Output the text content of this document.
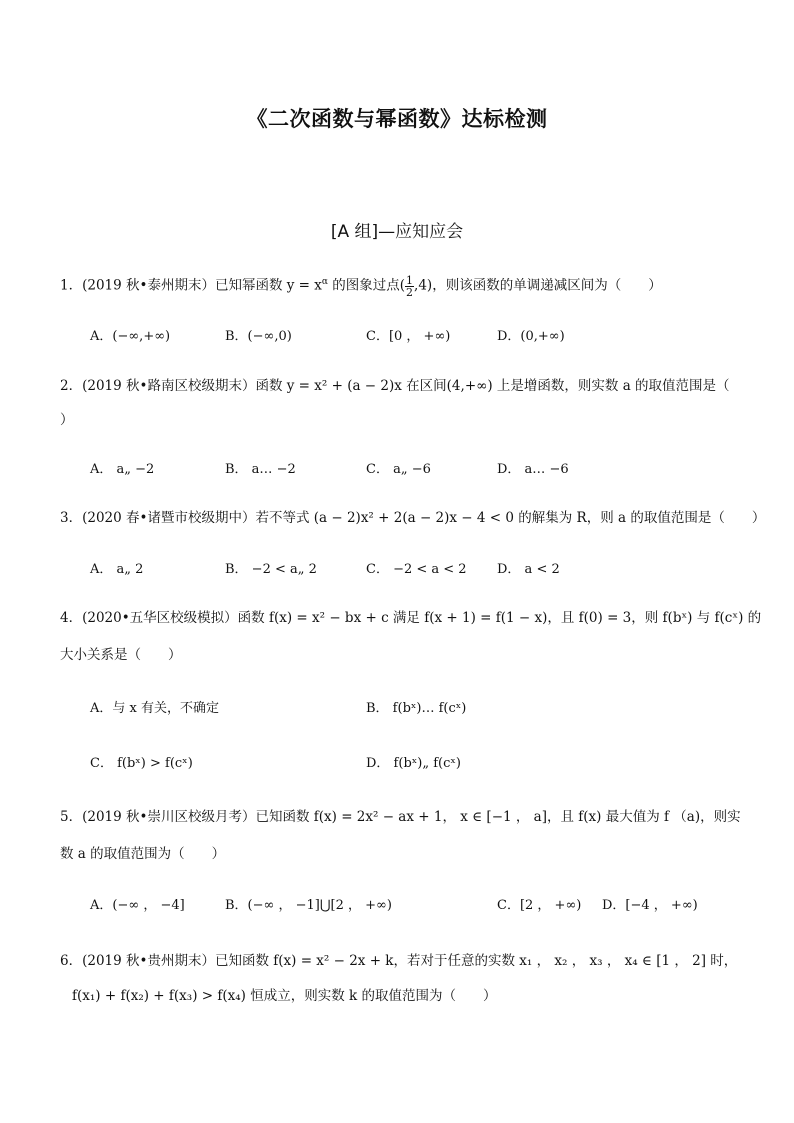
《二次函数与幂函数》达标检测
[A 组]—应知应会
1．(2019 秋•泰州期末）已知幂函数 $y = x^\alpha$ 的图象过点( $\frac{1}{2} ,4$)，则该函数的单调递减区间为（　　）
A．(−∞,+∞)	B．(−∞,0)	C．[0 ， +∞)	D．(0,+∞)
2．(2019 秋•路南区校级期末）函数 y = x² + (a − 2)x 在区间(4,+∞) 上是增函数，则实数 a 的取值范围是（
）
A． a„ −2	B． a… −2	C． a„ −6	D． a… −6
3．(2020 春•诸暨市校级期中）若不等式 (a − 2)x² + 2(a − 2)x − 4 < 0 的解集为 R，则 a 的取值范围是（　　）
A． a„ 2	B． −2 < a„ 2	C． −2 < a < 2 D． a < 2
4．(2020•五华区校级模拟）函数 f(x) = x² − bx + c 满足 f(x + 1) = f(1 − x)，且 f(0) = 3，则 f(bˣ) 与 f(cˣ) 的
大小关系是（　　）
A．与 x 有关，不确定	B． f(bˣ)… f(cˣ)
C． f(bˣ) > f(cˣ)	D． f(bˣ)„ f(cˣ)
5．(2019 秋•崇川区校级月考）已知函数 f(x) = 2x² − ax + 1， x ∈ [−1 ， a]，且 f(x) 最大值为 f （a)，则实
数 a 的取值范围为（　　）
A．(−∞ ， −4]	B．(−∞ ， −1]⋃[2 ， +∞)	C．[2 ， +∞) D．[−4 ， +∞)
6．(2019 秋•贵州期末）已知函数 f(x) = x² − 2x + k，若对于任意的实数 x₁ ， x₂ ， x₃ ， x₄ ∈ [1 ， 2] 时，
f(x₁) + f(x₂) + f(x₃) > f(x₄) 恒成立，则实数 k 的取值范围为（　　）
